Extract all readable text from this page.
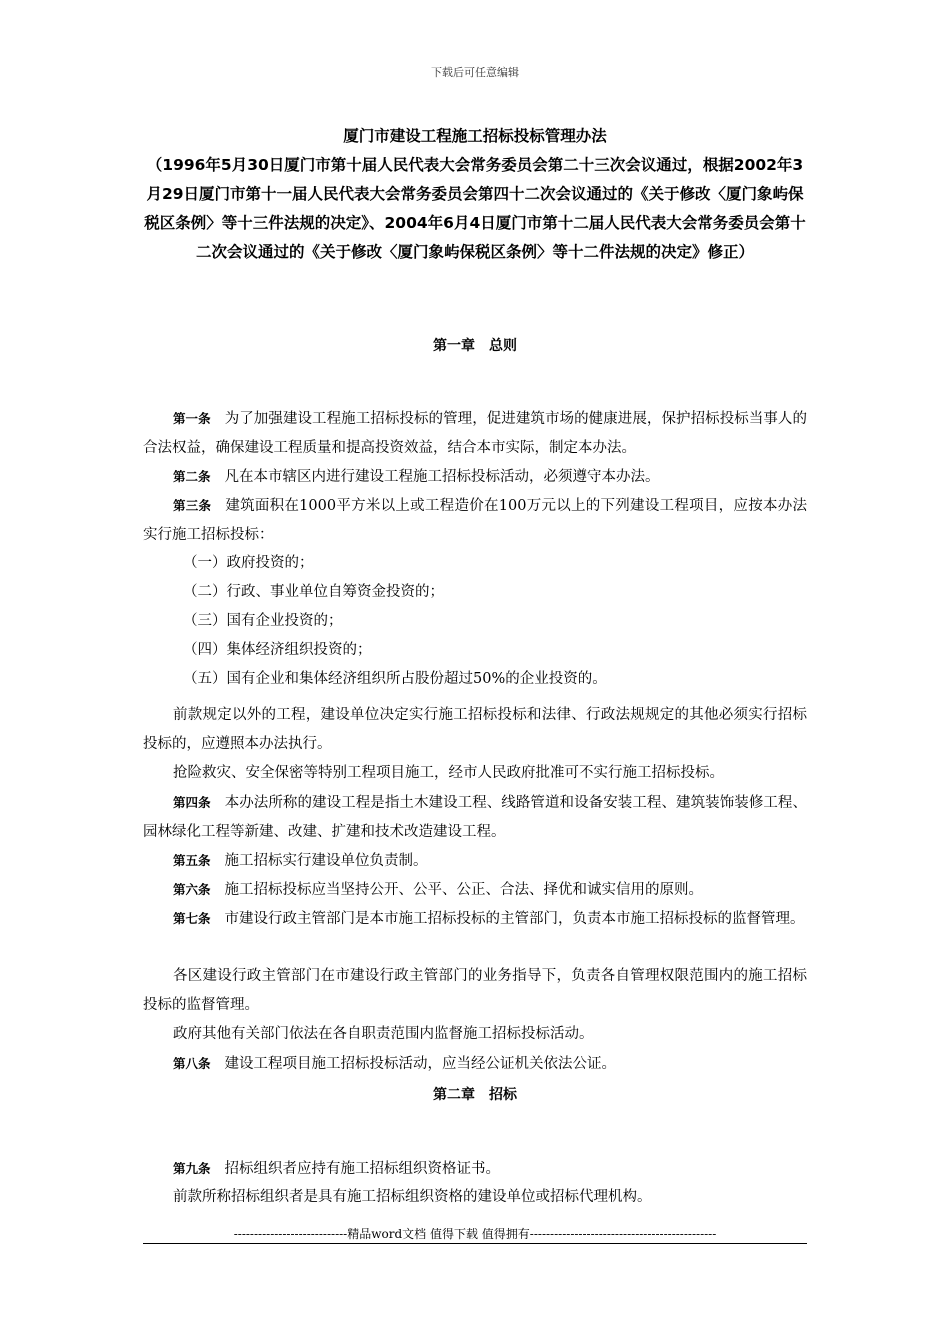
下载后可任意编辑
厦门市建设工程施工招标投标管理办法
（1996年5月30日厦门市第十届人民代表大会常务委员会第二十三次会议通过，根据2002年3月29日厦门市第十一届人民代表大会常务委员会第四十二次会议通过的《关于修改〈厦门象屿保税区条例〉等十三件法规的决定》、2004年6月4日厦门市第十二届人民代表大会常务委员会第十二次会议通过的《关于修改〈厦门象屿保税区条例〉等十二件法规的决定》修正）
第一章　总则
第一条 为了加强建设工程施工招标投标的管理，促进建筑市场的健康进展，保护招标投标当事人的合法权益，确保建设工程质量和提高投资效益，结合本市实际，制定本办法。
第二条 凡在本市辖区内进行建设工程施工招标投标活动，必须遵守本办法。
第三条 建筑面积在1000平方米以上或工程造价在100万元以上的下列建设工程项目，应按本办法实行施工招标投标：
（一）政府投资的；
（二）行政、事业单位自筹资金投资的；
（三）国有企业投资的；
（四）集体经济组织投资的；
（五）国有企业和集体经济组织所占股份超过50%的企业投资的。
前款规定以外的工程，建设单位决定实行施工招标投标和法律、行政法规规定的其他必须实行招标投标的，应遵照本办法执行。
抢险救灾、安全保密等特别工程项目施工，经市人民政府批准可不实行施工招标投标。
第四条 本办法所称的建设工程是指土木建设工程、线路管道和设备安装工程、建筑装饰装修工程、园林绿化工程等新建、改建、扩建和技术改造建设工程。
第五条 施工招标实行建设单位负责制。
第六条 施工招标投标应当坚持公开、公平、公正、合法、择优和诚实信用的原则。
第七条 市建设行政主管部门是本市施工招标投标的主管部门，负责本市施工招标投标的监督管理。
各区建设行政主管部门在市建设行政主管部门的业务指导下，负责各自管理权限范围内的施工招标投标的监督管理。
政府其他有关部门依法在各自职责范围内监督施工招标投标活动。
第八条 建设工程项目施工招标投标活动，应当经公证机关依法公证。
第二章　招标
第九条 招标组织者应持有施工招标组织资格证书。
前款所称招标组织者是具有施工招标组织资格的建设单位或招标代理机构。
----------------------------精品word文档 值得下载 值得拥有----------------------------------------------
